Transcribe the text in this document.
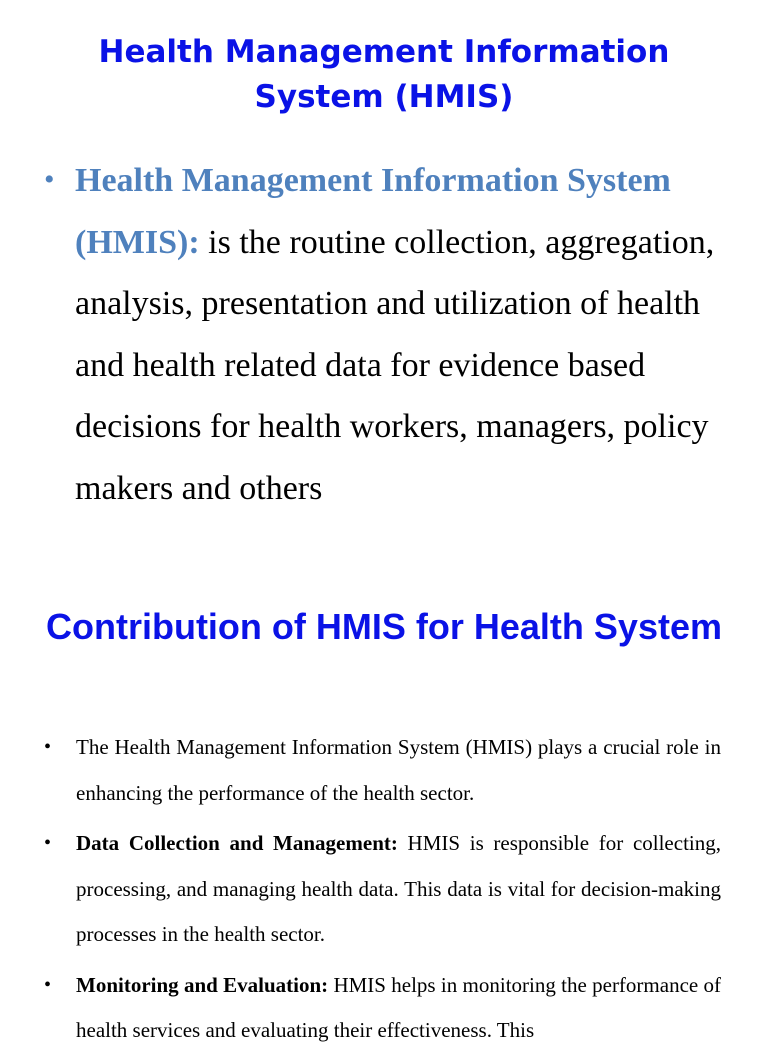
Health Management Information System (HMIS)
• Health Management Information System (HMIS): is the routine collection, aggregation, analysis, presentation and utilization of health and health related data for evidence based decisions for health workers, managers, policy makers and others

Contribution of HMIS for Health System
• The Health Management Information System (HMIS) plays a crucial role in enhancing the performance of the health sector.

• Data Collection and Management: HMIS is responsible for collecting, processing, and managing health data. This data is vital for decision-making processes in the health sector.

• Monitoring and Evaluation: HMIS helps in monitoring the performance of health services and evaluating their effectiveness. This
